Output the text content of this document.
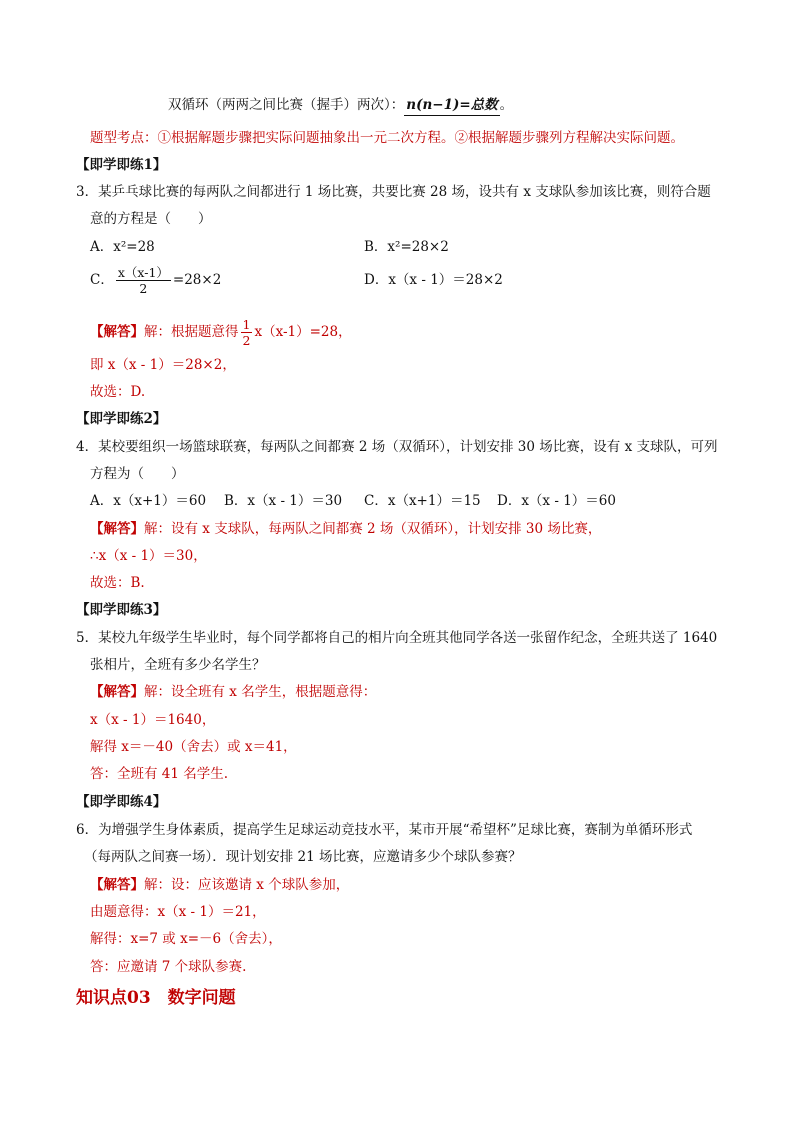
双循环（两两之间比赛（握手）两次）： n(n−1)=总数 。
题型考点：①根据解题步骤把实际问题抽象出一元二次方程。②根据解题步骤列方程解决实际问题。
【即学即练1】
3．某乒乓球比赛的每两队之间都进行 1 场比赛，共要比赛 28 场，设共有 x 支球队参加该比赛，则符合题
意的方程是（　　）
A．x²=28	B．x²=28×2
C． $\frac{x(x-1)}{2} =28\times 2$	D．x（x - 1）＝28×2
【解答】解：根据题意得 $\frac{1}{2} x(x-1)=28$，
即 x（x - 1）＝28×2，
故选：D.
【即学即练2】
4．某校要组织一场篮球联赛，每两队之间都赛 2 场（双循环），计划安排 30 场比赛，设有 x 支球队，可列
方程为（　　）
A．x（x+1）＝60 B．x（x - 1）＝30 C．x（x+1）＝15 D．x（x - 1）＝60
【解答】解：设有 x 支球队，每两队之间都赛 2 场（双循环），计划安排 30 场比赛，
∴x（x - 1）＝30，
故选：B.
【即学即练3】
5．某校九年级学生毕业时，每个同学都将自己的相片向全班其他同学各送一张留作纪念，全班共送了 1640
张相片，全班有多少名学生？
【解答】解：设全班有 x 名学生，根据题意得：
x（x - 1）＝1640，
解得 x＝－40（舍去）或 x＝41，
答：全班有 41 名学生.
【即学即练4】
6．为增强学生身体素质，提高学生足球运动竞技水平，某市开展“希望杯”足球比赛，赛制为单循环形式
（每两队之间赛一场）．现计划安排 21 场比赛，应邀请多少个球队参赛？
【解答】解：设：应该邀请 x 个球队参加，
由题意得：x（x - 1）＝21，
解得：x=7 或 x=－6（舍去），
答：应邀请 7 个球队参赛.
知识点03　数字问题
